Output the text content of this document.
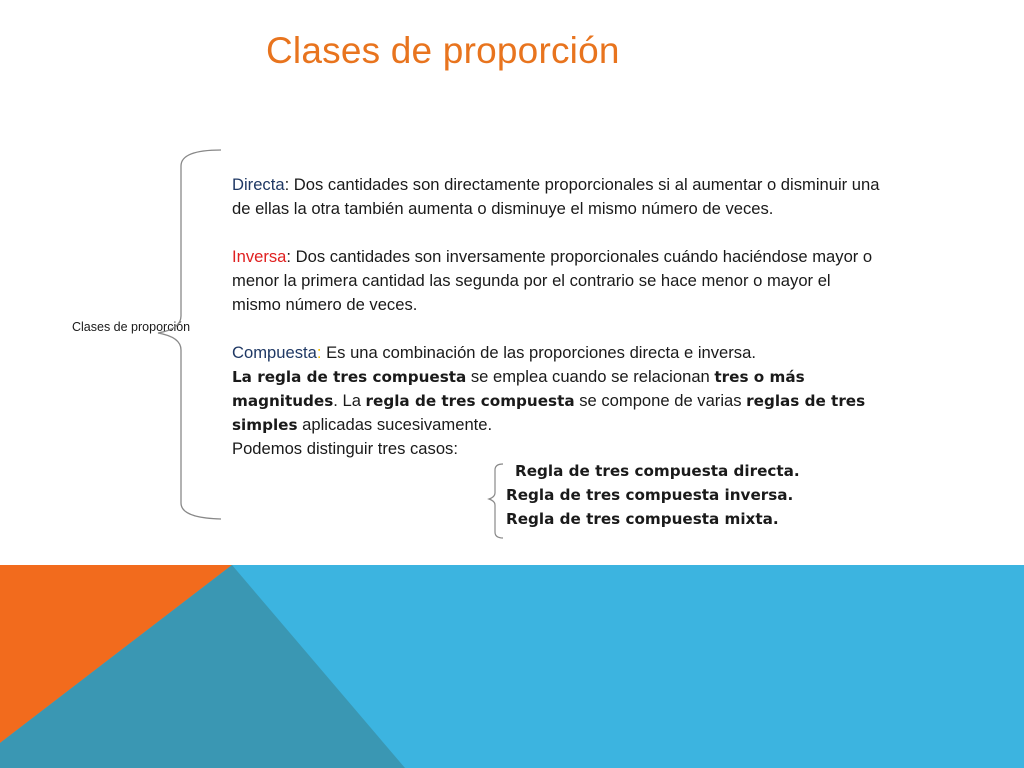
Clases de proporción
Clases de proporción

Directa: Dos cantidades son directamente proporcionales si al aumentar o disminuir una de ellas la otra también aumenta o disminuye el mismo número de veces.

Inversa: Dos cantidades son inversamente proporcionales cuándo haciéndose mayor o menor la primera cantidad las segunda por el contrario se hace menor o mayor el mismo número de veces.

Compuesta: Es una combinación de las proporciones directa e inversa.

La regla de tres compuesta se emplea cuando se relacionan tres o más magnitudes. La regla de tres compuesta se compone de varias reglas de tres simples aplicadas sucesivamente.

Podemos distinguir tres casos:

Regla de tres compuesta directa.
Regla de tres compuesta inversa.
Regla de tres compuesta mixta.
